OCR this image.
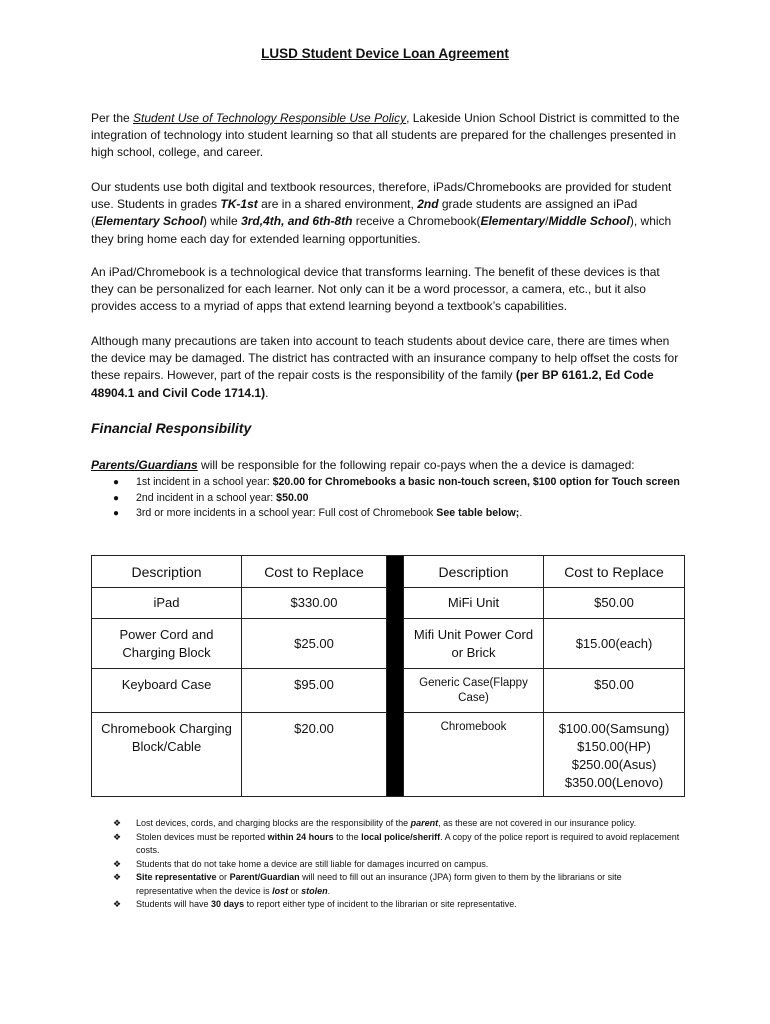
LUSD Student Device Loan Agreement

Per the Student Use of Technology Responsible Use Policy, Lakeside Union School District is committed to the integration of technology into student learning so that all students are prepared for the challenges presented in high school, college, and career.

Our students use both digital and textbook resources, therefore, iPads/Chromebooks are provided for student use. Students in grades TK-1st are in a shared environment, 2nd grade students are assigned an iPad (Elementary School) while 3rd,4th, and 6th-8th receive a Chromebook(Elementary/Middle School), which they bring home each day for extended learning opportunities.

An iPad/Chromebook is a technological device that transforms learning. The benefit of these devices is that they can be personalized for each learner. Not only can it be a word processor, a camera, etc., but it also provides access to a myriad of apps that extend learning beyond a textbook’s capabilities.

Although many precautions are taken into account to teach students about device care, there are times when the device may be damaged. The district has contracted with an insurance company to help offset the costs for these repairs. However, part of the repair costs is the responsibility of the family (per BP 6161.2, Ed Code 48904.1 and Civil Code 1714.1).

Financial Responsibility
Parents/Guardians will be responsible for the following repair co-pays when the a device is damaged:
● 1st incident in a school year: $20.00 for Chromebooks a basic non-touch screen, $100 option for Touch screen
● 2nd incident in a school year: $50.00
● 3rd or more incidents in a school year: Full cost of Chromebook See table below;.
Description	Cost to Replace		Description	Cost to Replace
iPad	$330.00		MiFi Unit	$50.00
Power Cord and Charging Block	$25.00		Mifi Unit Power Cord or Brick	$15.00(each)
Keyboard Case	$95.00		Generic Case(Flappy Case)	$50.00
Chromebook Charging Block/Cable	$20.00		Chromebook	$100.00(Samsung)
$150.00(HP)
$250.00(Asus)
$350.00(Lenovo)
❖ Lost devices, cords, and charging blocks are the responsibility of the parent, as these are not covered in our insurance policy.
❖ Stolen devices must be reported within 24 hours to the local police/sheriff. A copy of the police report is required to avoid replacement costs.
❖ Students that do not take home a device are still liable for damages incurred on campus.
❖ Site representative or Parent/Guardian will need to fill out an insurance (JPA) form given to them by the librarians or site representative when the device is lost or stolen.
❖ Students will have 30 days to report either type of incident to the librarian or site representative.
